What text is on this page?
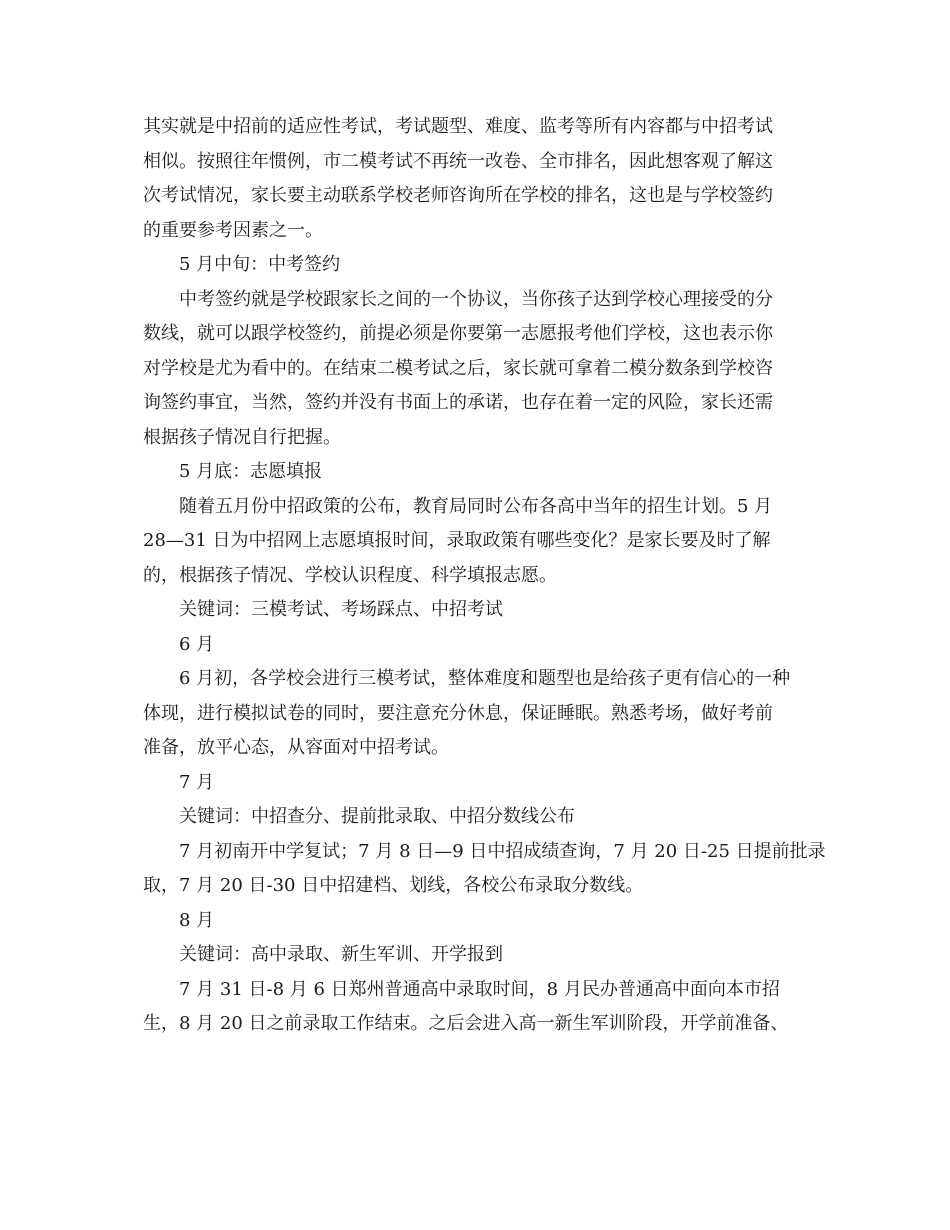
其实就是中招前的适应性考试，考试题型、难度、监考等所有内容都与中招考试
相似。按照往年惯例，市二模考试不再统一改卷、全市排名，因此想客观了解这
次考试情况，家长要主动联系学校老师咨询所在学校的排名，这也是与学校签约
的重要参考因素之一。
5 月中旬：中考签约
中考签约就是学校跟家长之间的一个协议，当你孩子达到学校心理接受的分
数线，就可以跟学校签约，前提必须是你要第一志愿报考他们学校，这也表示你
对学校是尤为看中的。在结束二模考试之后，家长就可拿着二模分数条到学校咨
询签约事宜，当然，签约并没有书面上的承诺，也存在着一定的风险，家长还需
根据孩子情况自行把握。
5 月底：志愿填报
随着五月份中招政策的公布，教育局同时公布各高中当年的招生计划。5 月
28—31 日为中招网上志愿填报时间，录取政策有哪些变化？是家长要及时了解
的，根据孩子情况、学校认识程度、科学填报志愿。
关键词：三模考试、考场踩点、中招考试
6 月
6 月初，各学校会进行三模考试，整体难度和题型也是给孩子更有信心的一种
体现，进行模拟试卷的同时，要注意充分休息，保证睡眠。熟悉考场，做好考前
准备，放平心态，从容面对中招考试。
7 月
关键词：中招查分、提前批录取、中招分数线公布
7 月初南开中学复试；7 月 8 日—9 日中招成绩查询，7 月 20 日-25 日提前批录
取，7 月 20 日-30 日中招建档、划线，各校公布录取分数线。
8 月
关键词：高中录取、新生军训、开学报到
7 月 31 日-8 月 6 日郑州普通高中录取时间，8 月民办普通高中面向本市招
生，8 月 20 日之前录取工作结束。之后会进入高一新生军训阶段，开学前准备、
